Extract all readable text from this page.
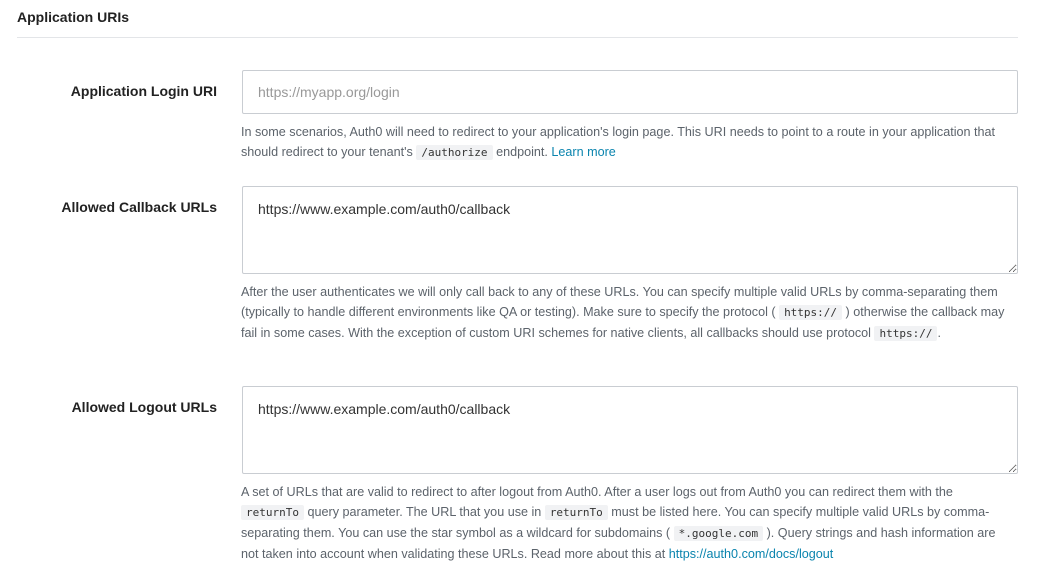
Application URIs
Application Login URI
https://myapp.org/login

In some scenarios, Auth0 will need to redirect to your application's login page. This URI needs to point to a route in your application that should redirect to your tenant's /authorize endpoint. Learn more

Allowed Callback URLs
https://www.example.com/auth0/callback

After the user authenticates we will only call back to any of these URLs. You can specify multiple valid URLs by comma-separating them (typically to handle different environments like QA or testing). Make sure to specify the protocol ( https:// ) otherwise the callback may fail in some cases. With the exception of custom URI schemes for native clients, all callbacks should use protocol https:// .

Allowed Logout URLs
https://www.example.com/auth0/callback

A set of URLs that are valid to redirect to after logout from Auth0. After a user logs out from Auth0 you can redirect them with the returnTo query parameter. The URL that you use in returnTo must be listed here. You can specify multiple valid URLs by comma-separating them. You can use the star symbol as a wildcard for subdomains ( *.google.com ). Query strings and hash information are not taken into account when validating these URLs. Read more about this at https://auth0.com/docs/logout
